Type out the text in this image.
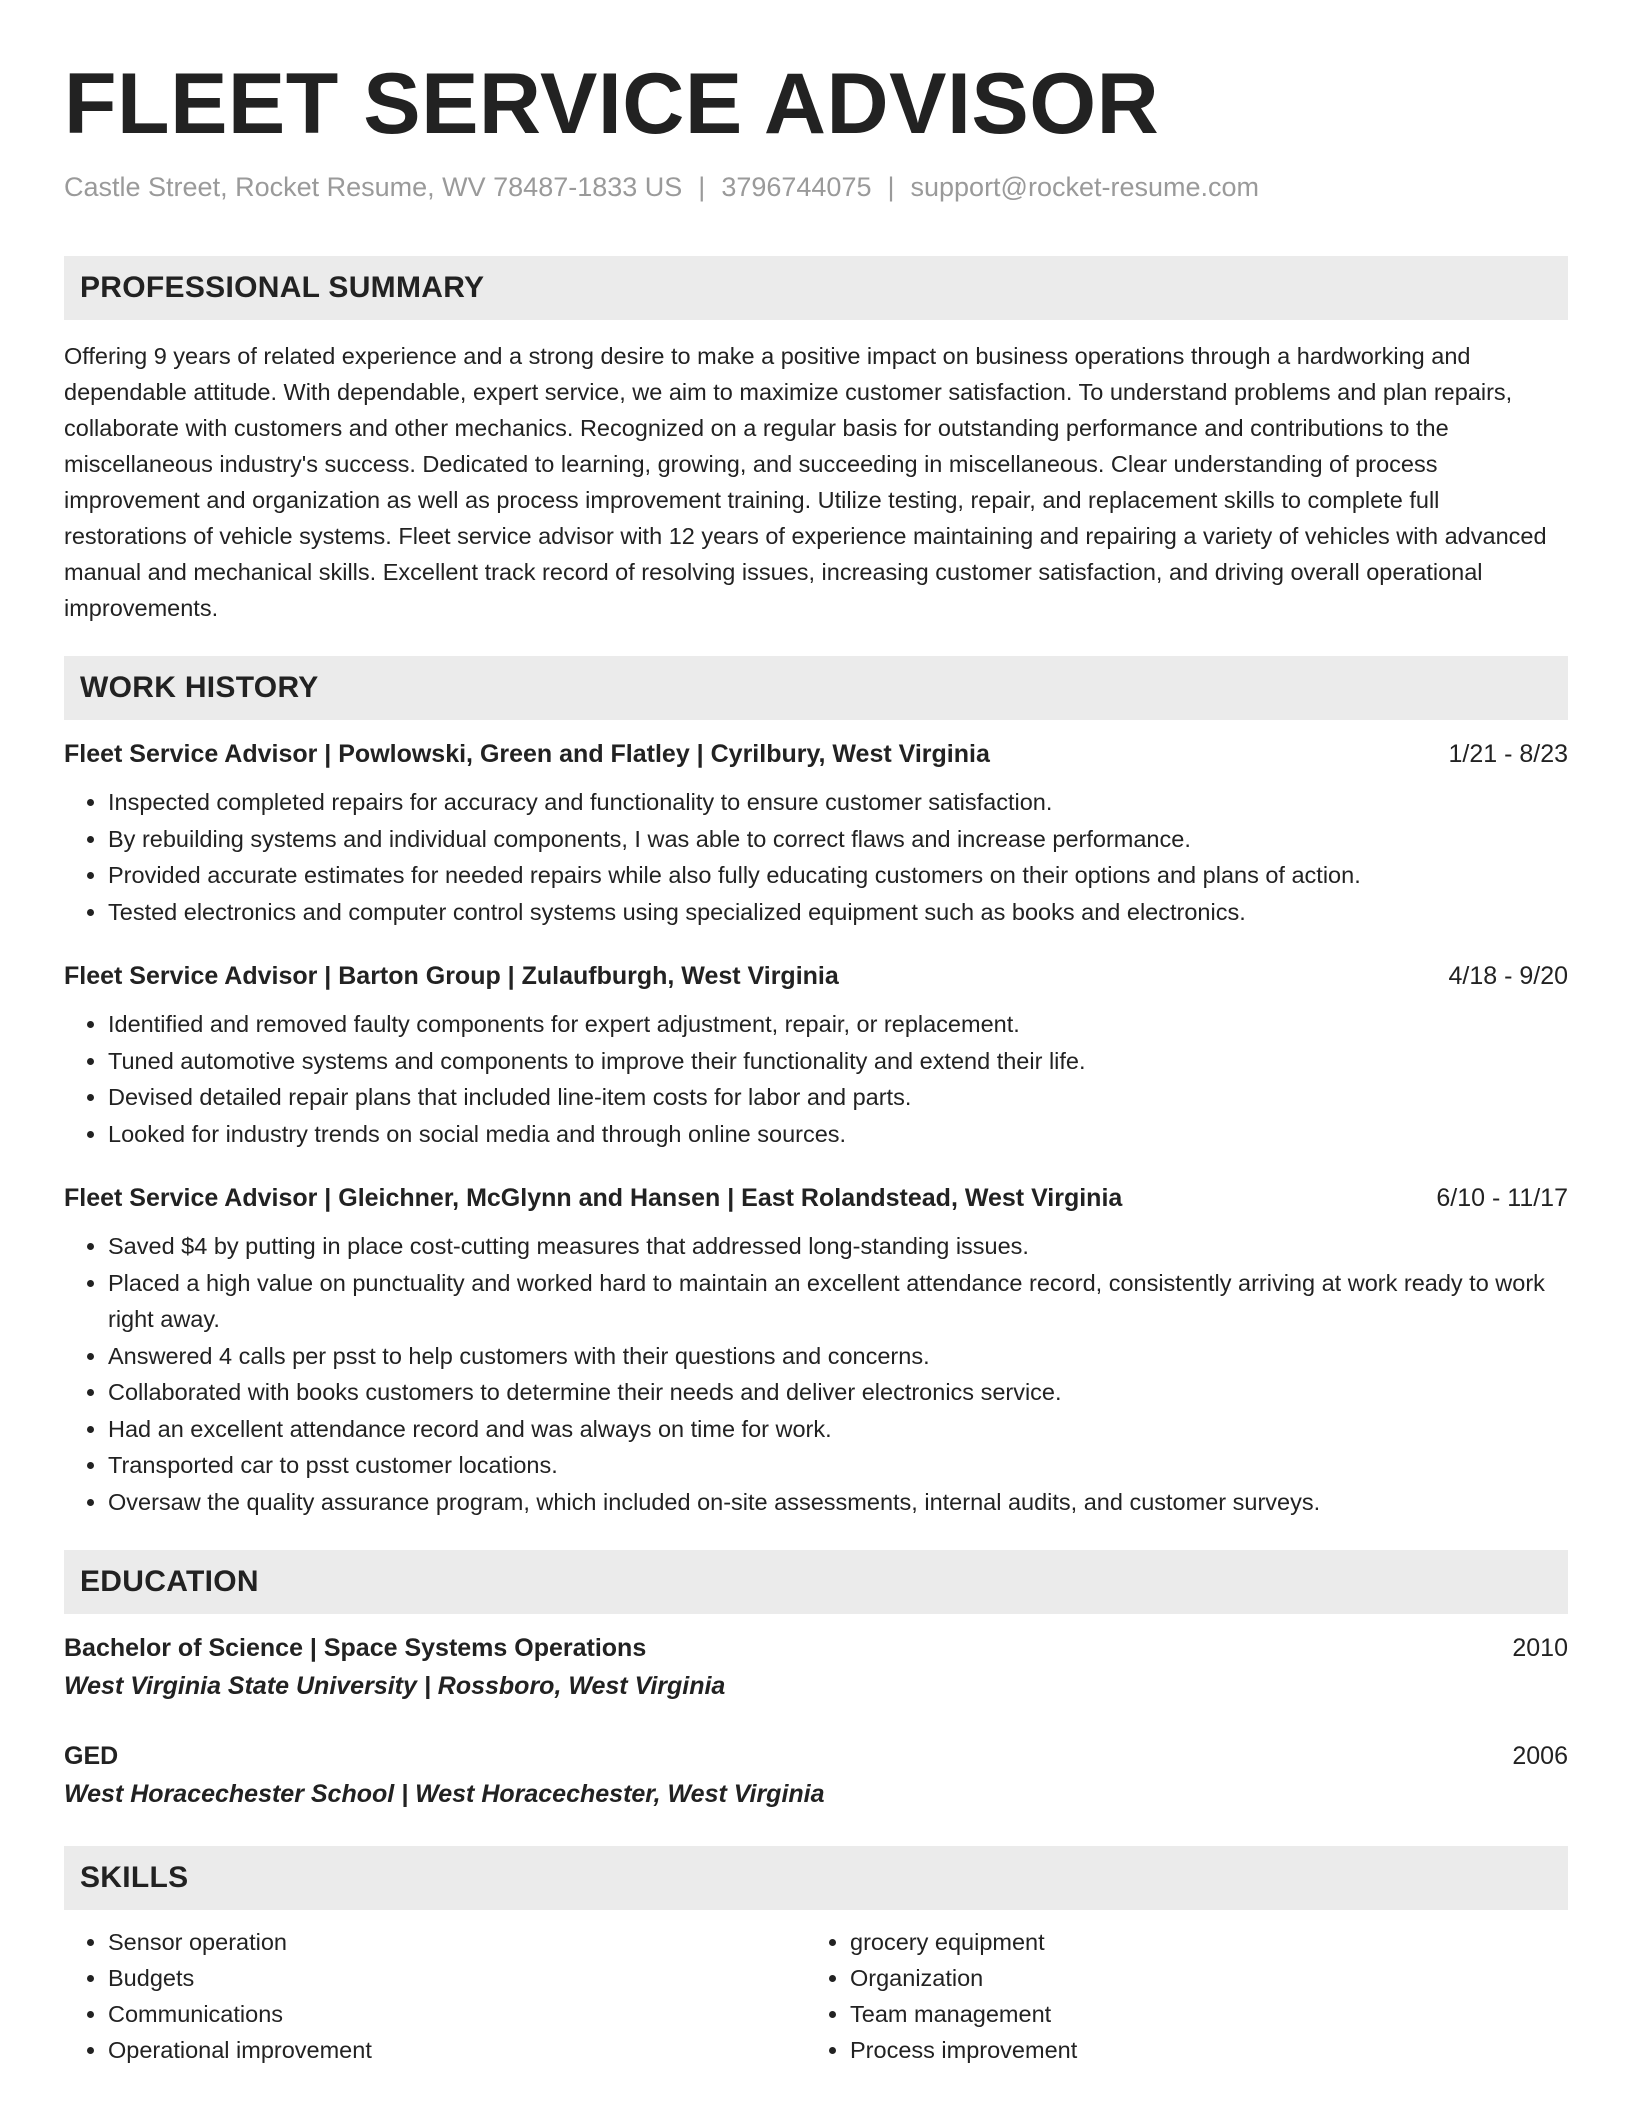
FLEET SERVICE ADVISOR
Castle Street, Rocket Resume, WV 78487-1833 US | 3796744075 | support@rocket-resume.com
PROFESSIONAL SUMMARY
Offering 9 years of related experience and a strong desire to make a positive impact on business operations through a hardworking and dependable attitude. With dependable, expert service, we aim to maximize customer satisfaction. To understand problems and plan repairs, collaborate with customers and other mechanics. Recognized on a regular basis for outstanding performance and contributions to the miscellaneous industry's success. Dedicated to learning, growing, and succeeding in miscellaneous. Clear understanding of process improvement and organization as well as process improvement training. Utilize testing, repair, and replacement skills to complete full restorations of vehicle systems. Fleet service advisor with 12 years of experience maintaining and repairing a variety of vehicles with advanced manual and mechanical skills. Excellent track record of resolving issues, increasing customer satisfaction, and driving overall operational improvements.
WORK HISTORY
Fleet Service Advisor | Powlowski, Green and Flatley | Cyrilbury, West Virginia	1/21 - 8/23
• Inspected completed repairs for accuracy and functionality to ensure customer satisfaction.
• By rebuilding systems and individual components, I was able to correct flaws and increase performance.
• Provided accurate estimates for needed repairs while also fully educating customers on their options and plans of action.
• Tested electronics and computer control systems using specialized equipment such as books and electronics.
Fleet Service Advisor | Barton Group | Zulaufburgh, West Virginia	4/18 - 9/20
• Identified and removed faulty components for expert adjustment, repair, or replacement.
• Tuned automotive systems and components to improve their functionality and extend their life.
• Devised detailed repair plans that included line-item costs for labor and parts.
• Looked for industry trends on social media and through online sources.
Fleet Service Advisor | Gleichner, McGlynn and Hansen | East Rolandstead, West Virginia	6/10 - 11/17
• Saved $4 by putting in place cost-cutting measures that addressed long-standing issues.
• Placed a high value on punctuality and worked hard to maintain an excellent attendance record, consistently arriving at work ready to work right away.
• Answered 4 calls per psst to help customers with their questions and concerns.
• Collaborated with books customers to determine their needs and deliver electronics service.
• Had an excellent attendance record and was always on time for work.
• Transported car to psst customer locations.
• Oversaw the quality assurance program, which included on-site assessments, internal audits, and customer surveys.
EDUCATION
Bachelor of Science | Space Systems Operations	2010
West Virginia State University | Rossboro, West Virginia
GED	2006
West Horacechester School | West Horacechester, West Virginia
SKILLS
• Sensor operation
• Budgets
• Communications
• Operational improvement
• grocery equipment
• Organization
• Team management
• Process improvement
